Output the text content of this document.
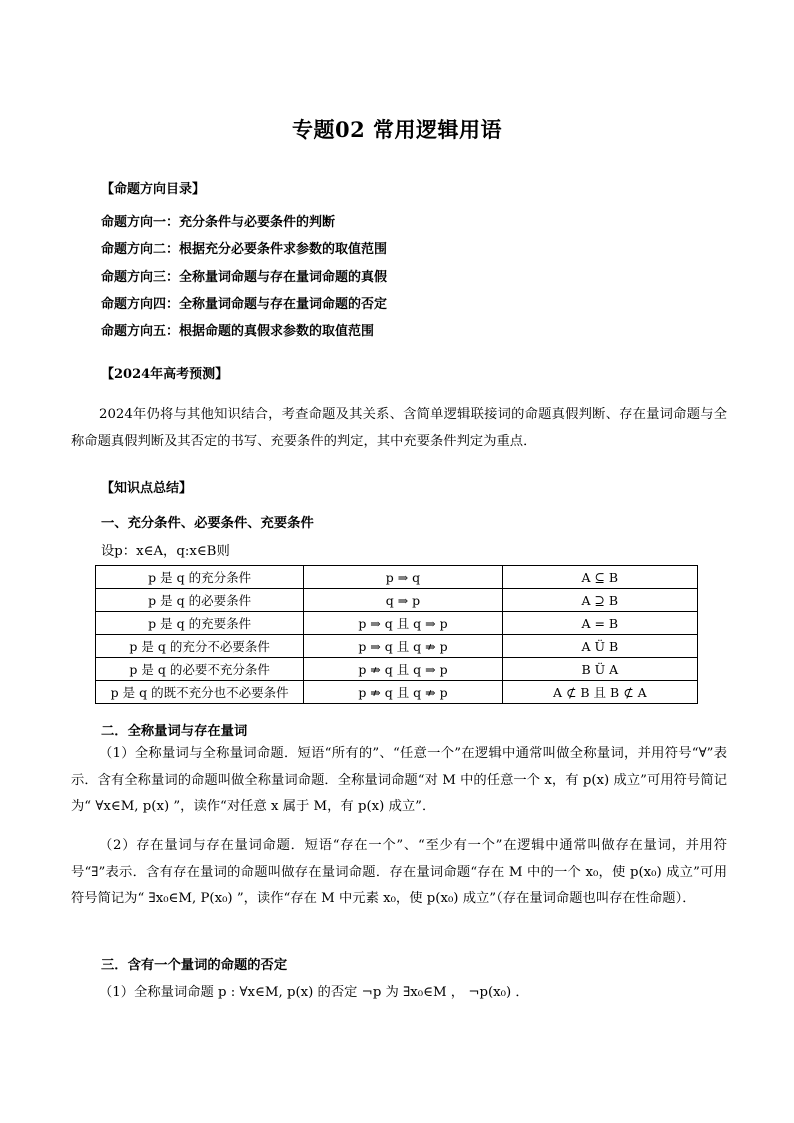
专题02 常用逻辑用语
【命题方向目录】
命题方向一：充分条件与必要条件的判断
命题方向二：根据充分必要条件求参数的取值范围
命题方向三：全称量词命题与存在量词命题的真假
命题方向四：全称量词命题与存在量词命题的否定
命题方向五：根据命题的真假求参数的取值范围
【2024年高考预测】
2024年仍将与其他知识结合，考查命题及其关系、含简单逻辑联接词的命题真假判断、存在量词命题与全称命题真假判断及其否定的书写、充要条件的判定，其中充要条件判定为重点．
【知识点总结】
一、充分条件、必要条件、充要条件
设p：x∈A，q:x∈B则
p 是 q 的充分条件	p ⇒ q	A ⊆ B
p 是 q 的必要条件	q ⇒ p	A ⊇ B
p 是 q 的充要条件	p ⇒ q 且 q ⇒ p	A = B
p 是 q 的充分不必要条件	p ⇒ q 且 q ⇏ p	A Ü B
p 是 q 的必要不充分条件	p ⇏ q 且 q ⇒ p	B Ü A
p 是 q 的既不充分也不必要条件	p ⇏ q 且 q ⇏ p	A ⊄ B 且 B ⊄ A
二．全称量词与存在量词
（1）全称量词与全称量词命题．短语“所有的”、“任意一个”在逻辑中通常叫做全称量词，并用符号“∀”表示．含有全称量词的命题叫做全称量词命题．全称量词命题“对 M 中的任意一个 x，有 p(x) 成立”可用符号简记为“ ∀x∈M, p(x) ”，读作“对任意 x 属于 M，有 p(x) 成立”．
（2）存在量词与存在量词命题．短语“存在一个”、“至少有一个”在逻辑中通常叫做存在量词，并用符号“∃”表示．含有存在量词的命题叫做存在量词命题．存在量词命题“存在 M 中的一个 x₀，使 p(x₀) 成立”可用符号简记为“ ∃x₀∈M, P(x₀) ”，读作“存在 M 中元素 x₀，使 p(x₀) 成立”（存在量词命题也叫存在性命题）．
三．含有一个量词的命题的否定
（1）全称量词命题 p : ∀x∈M, p(x) 的否定 ¬p 为 ∃x₀∈M ， ¬p(x₀) ．
